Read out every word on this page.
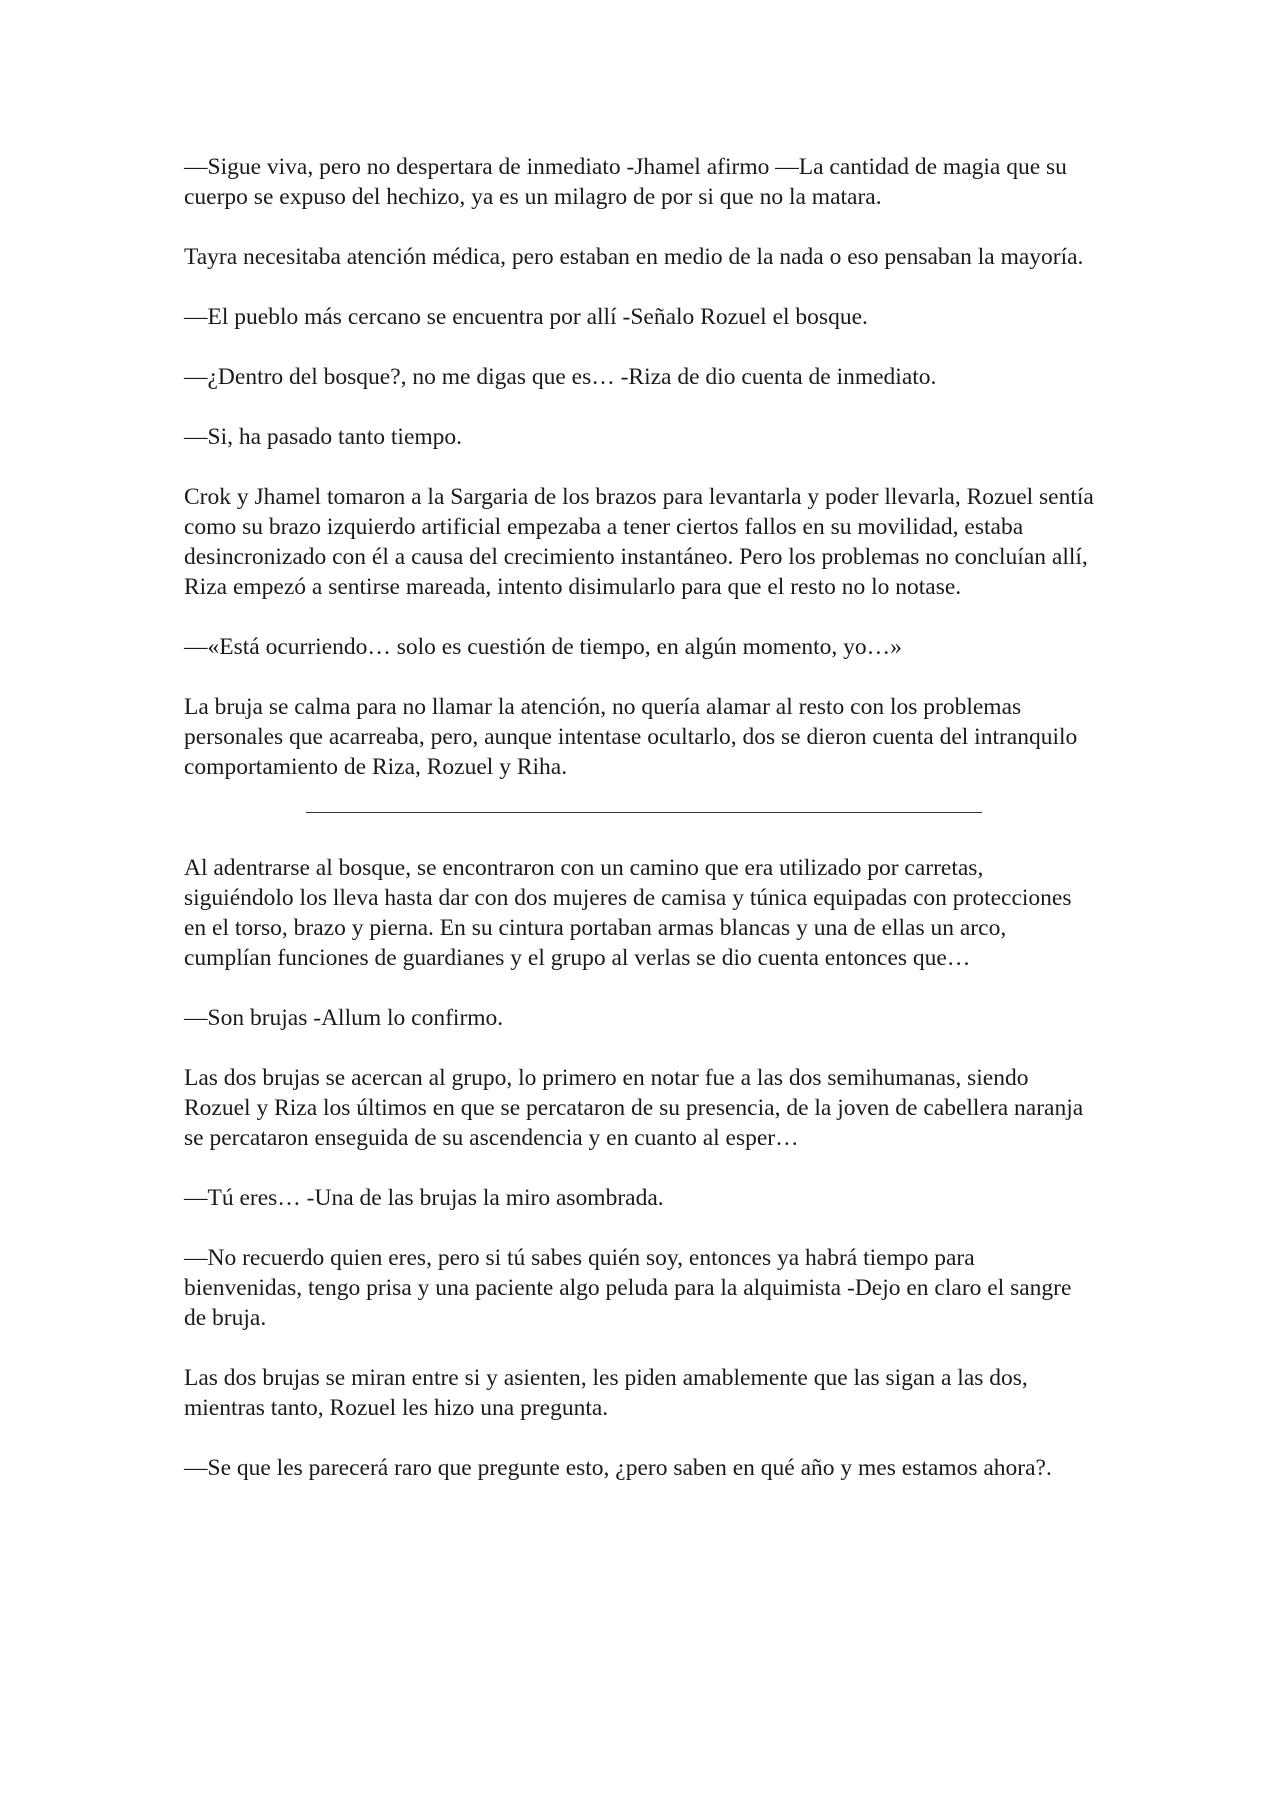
—Sigue viva, pero no despertara de inmediato -Jhamel afirmo —La cantidad de magia que su cuerpo se expuso del hechizo, ya es un milagro de por si que no la matara.

Tayra necesitaba atención médica, pero estaban en medio de la nada o eso pensaban la mayoría.

—El pueblo más cercano se encuentra por allí -Señalo Rozuel el bosque.

—¿Dentro del bosque?, no me digas que es… -Riza de dio cuenta de inmediato.

—Si, ha pasado tanto tiempo.

Crok y Jhamel tomaron a la Sargaria de los brazos para levantarla y poder llevarla, Rozuel sentía como su brazo izquierdo artificial empezaba a tener ciertos fallos en su movilidad, estaba desincronizado con él a causa del crecimiento instantáneo. Pero los problemas no concluían allí, Riza empezó a sentirse mareada, intento disimularlo para que el resto no lo notase.

—«Está ocurriendo… solo es cuestión de tiempo, en algún momento, yo…»

La bruja se calma para no llamar la atención, no quería alamar al resto con los problemas personales que acarreaba, pero, aunque intentase ocultarlo, dos se dieron cuenta del intranquilo comportamiento de Riza, Rozuel y Riha.

Al adentrarse al bosque, se encontraron con un camino que era utilizado por carretas, siguiéndolo los lleva hasta dar con dos mujeres de camisa y túnica equipadas con protecciones en el torso, brazo y pierna. En su cintura portaban armas blancas y una de ellas un arco, cumplían funciones de guardianes y el grupo al verlas se dio cuenta entonces que…

—Son brujas -Allum lo confirmo.

Las dos brujas se acercan al grupo, lo primero en notar fue a las dos semihumanas, siendo Rozuel y Riza los últimos en que se percataron de su presencia, de la joven de cabellera naranja se percataron enseguida de su ascendencia y en cuanto al esper…

—Tú eres… -Una de las brujas la miro asombrada.

—No recuerdo quien eres, pero si tú sabes quién soy, entonces ya habrá tiempo para bienvenidas, tengo prisa y una paciente algo peluda para la alquimista -Dejo en claro el sangre de bruja.

Las dos brujas se miran entre si y asienten, les piden amablemente que las sigan a las dos, mientras tanto, Rozuel les hizo una pregunta.

—Se que les parecerá raro que pregunte esto, ¿pero saben en qué año y mes estamos ahora?.
